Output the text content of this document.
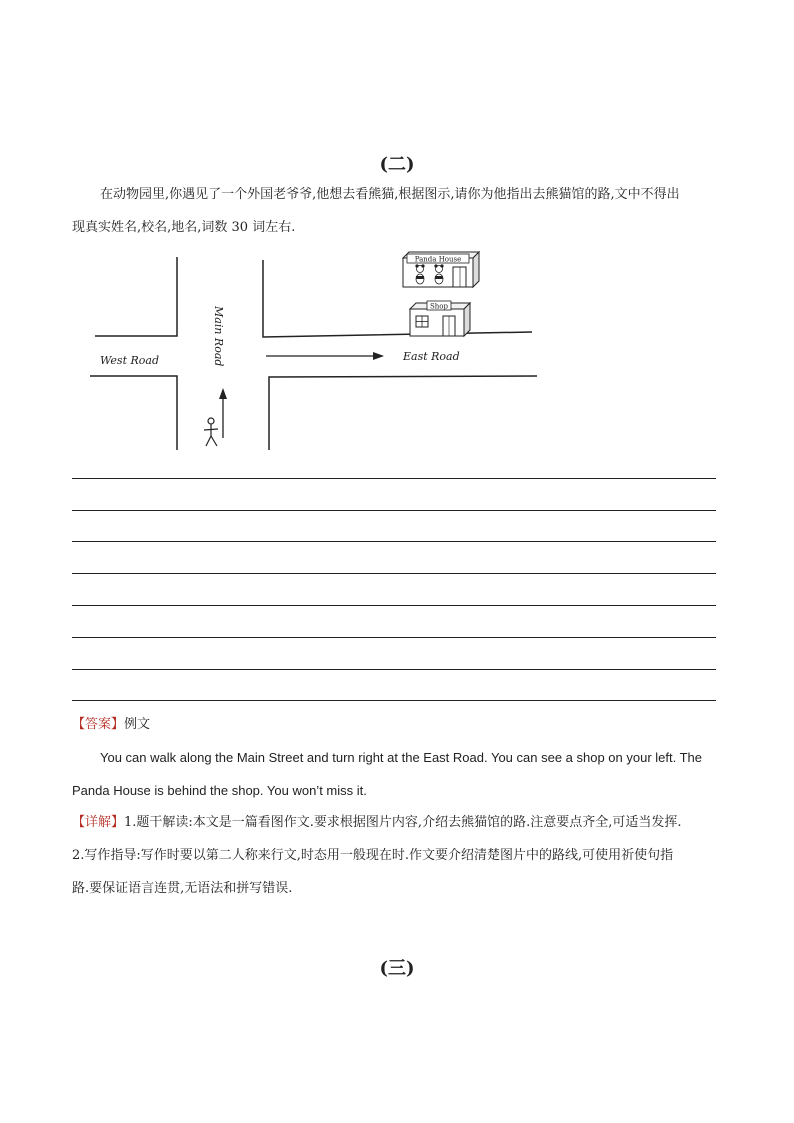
(二)
在动物园里,你遇见了一个外国老爷爷,他想去看熊猫,根据图示,请你为他指出去熊猫馆的路,文中不得出
现真实姓名,校名,地名,词数 30 词左右.
West Road	East Road
Main Road
Panda House
Shop
【答案】例文
You can walk along the Main Street and turn right at the East Road. You can see a shop on your left. The
Panda House is behind the shop. You won’t miss it.
【详解】1.题干解读:本文是一篇看图作文.要求根据图片内容,介绍去熊猫馆的路.注意要点齐全,可适当发挥.
2.写作指导:写作时要以第二人称来行文,时态用一般现在时.作文要介绍清楚图片中的路线,可使用祈使句指
路.要保证语言连贯,无语法和拼写错误.
(三)
